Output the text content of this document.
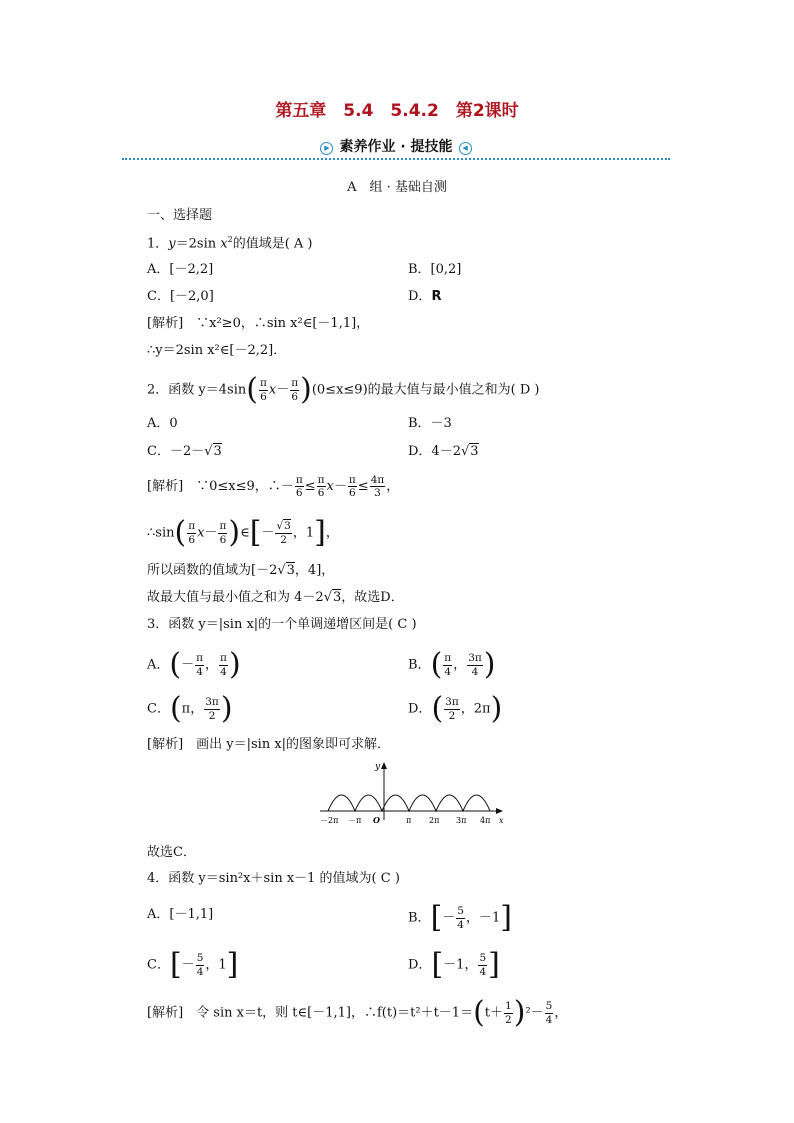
第五章　5.4　5.4.2　第2课时
▶ 素养作业 · 提技能 ◀
A　组 · 基础自测
一、选择题
1．y＝2sin $x^2$的值域是( A )
A．[－2,2]	B．[0,2]
C．[－2,0]	D．R
[解析]　∵x²≥0，∴sin x²∈[－1,1]，
∴y＝2sin x²∈[－2,2]．
2．函数 $y=4\sin( \frac{\pi}{6} x- \frac{\pi}{6} )(0\le x\le 9)$的最大值与最小值之和为( D )
A．0	B．－3
C．－2－√3	D．4－2√3
[解析]　∵0≤x≤9，∴－ $\frac{\pi}{6} \le \frac{\pi}{6} x- \frac{\pi}{6} \le \frac{4\pi}{3}$ ，
∴sin( $\frac{\pi}{6} x- \frac{\pi}{6}$ )∈[－ $\frac{√3}{2}$ ，1]，
所以函数的值域为[－2√3，4]，
故最大值与最小值之和为 4－2√3，故选D．
3．函数 y＝|sin x|的一个单调递增区间是( C )
A．(－ $\frac{\pi}{4}$ ， $\frac{\pi}{4}$ )	B．( $\frac{\pi}{4}$ ， $\frac{3\pi}{4}$ )
C．(π， $\frac{3\pi}{2}$ )	D．( $\frac{3\pi}{2}$ ，2π)
[解析]　画出 y＝|sin x|的图象即可求解．
y
－2π －π O	π 2π 3π 4π x
故选C．
4．函数 y＝sin²x＋sin x－1 的值域为( C )
A．[－1,1]	B．[－ $\frac{5}{4}$ ，－1]
C．[－ $\frac{5}{4}$ ，1]	D．[－1， $\frac{5}{4}$ ]
[解析]　令 sin x＝t，则 t∈[－1,1]，∴f(t)＝t²＋t－1＝(t＋ $\frac{1}{2} )^2- \frac{5}{4}$ ，
